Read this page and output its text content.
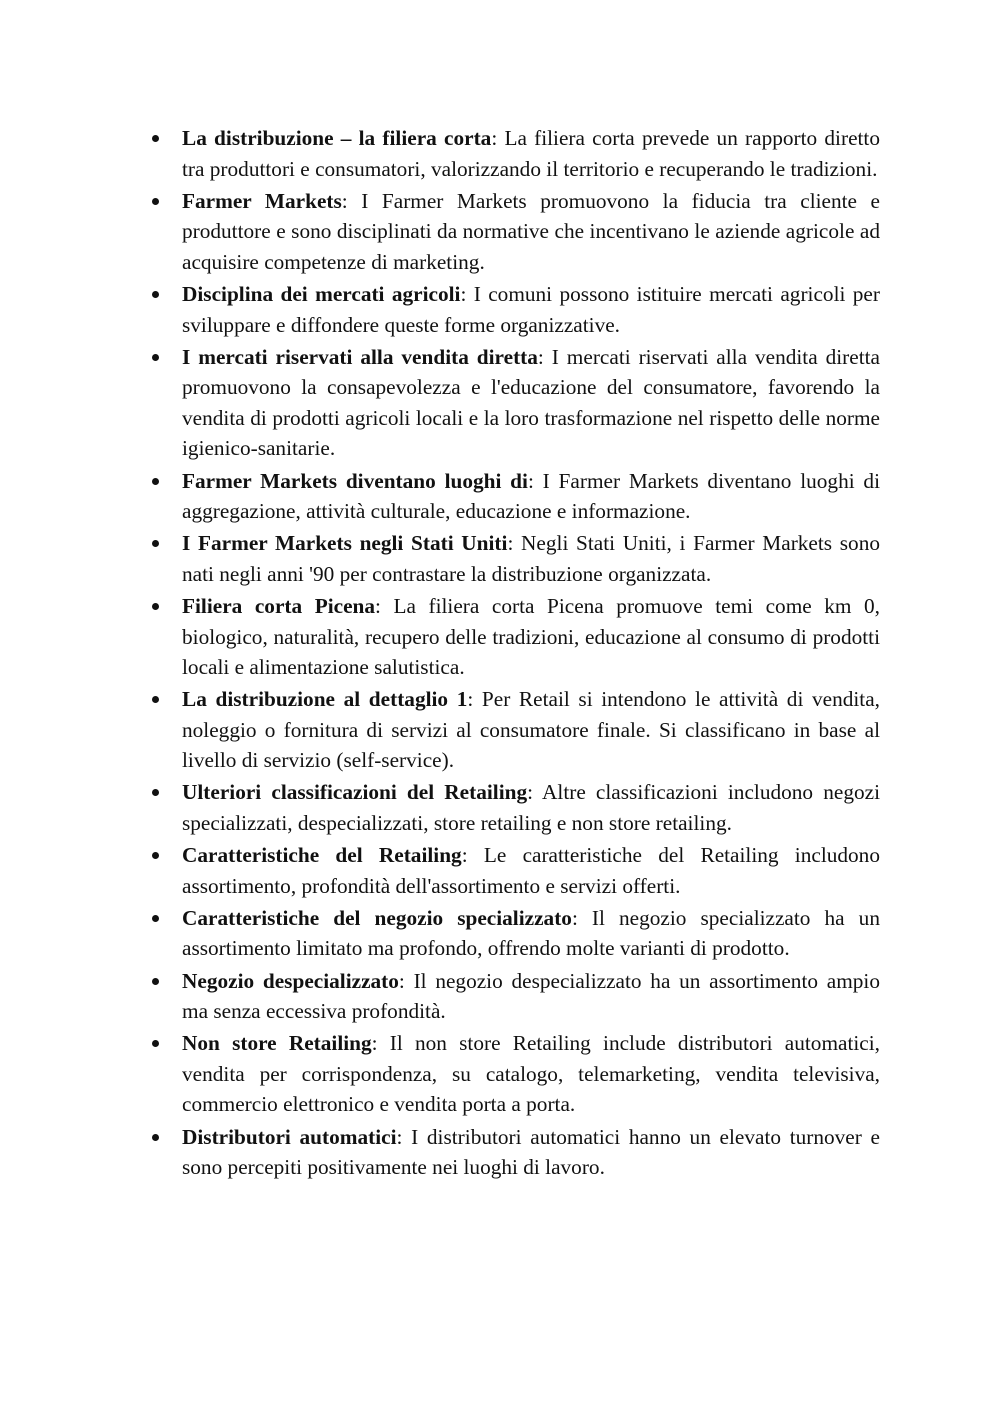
La distribuzione – la filiera corta: La filiera corta prevede un rapporto diretto tra produttori e consumatori, valorizzando il territorio e recuperando le tradizioni.
Farmer Markets: I Farmer Markets promuovono la fiducia tra cliente e produttore e sono disciplinati da normative che incentivano le aziende agricole ad acquisire competenze di marketing.
Disciplina dei mercati agricoli: I comuni possono istituire mercati agricoli per sviluppare e diffondere queste forme organizzative.
I mercati riservati alla vendita diretta: I mercati riservati alla vendita diretta promuovono la consapevolezza e l'educazione del consumatore, favorendo la vendita di prodotti agricoli locali e la loro trasformazione nel rispetto delle norme igienico-sanitarie.
Farmer Markets diventano luoghi di: I Farmer Markets diventano luoghi di aggregazione, attività culturale, educazione e informazione.
I Farmer Markets negli Stati Uniti: Negli Stati Uniti, i Farmer Markets sono nati negli anni '90 per contrastare la distribuzione organizzata.
Filiera corta Picena: La filiera corta Picena promuove temi come km 0, biologico, naturalità, recupero delle tradizioni, educazione al consumo di prodotti locali e alimentazione salutistica.
La distribuzione al dettaglio 1: Per Retail si intendono le attività di vendita, noleggio o fornitura di servizi al consumatore finale. Si classificano in base al livello di servizio (self-service).
Ulteriori classificazioni del Retailing: Altre classificazioni includono negozi specializzati, despecializzati, store retailing e non store retailing.
Caratteristiche del Retailing: Le caratteristiche del Retailing includono assortimento, profondità dell'assortimento e servizi offerti.
Caratteristiche del negozio specializzato: Il negozio specializzato ha un assortimento limitato ma profondo, offrendo molte varianti di prodotto.
Negozio despecializzato: Il negozio despecializzato ha un assortimento ampio ma senza eccessiva profondità.
Non store Retailing: Il non store Retailing include distributori automatici, vendita per corrispondenza, su catalogo, telemarketing, vendita televisiva, commercio elettronico e vendita porta a porta.
Distributori automatici: I distributori automatici hanno un elevato turnover e sono percepiti positivamente nei luoghi di lavoro.
